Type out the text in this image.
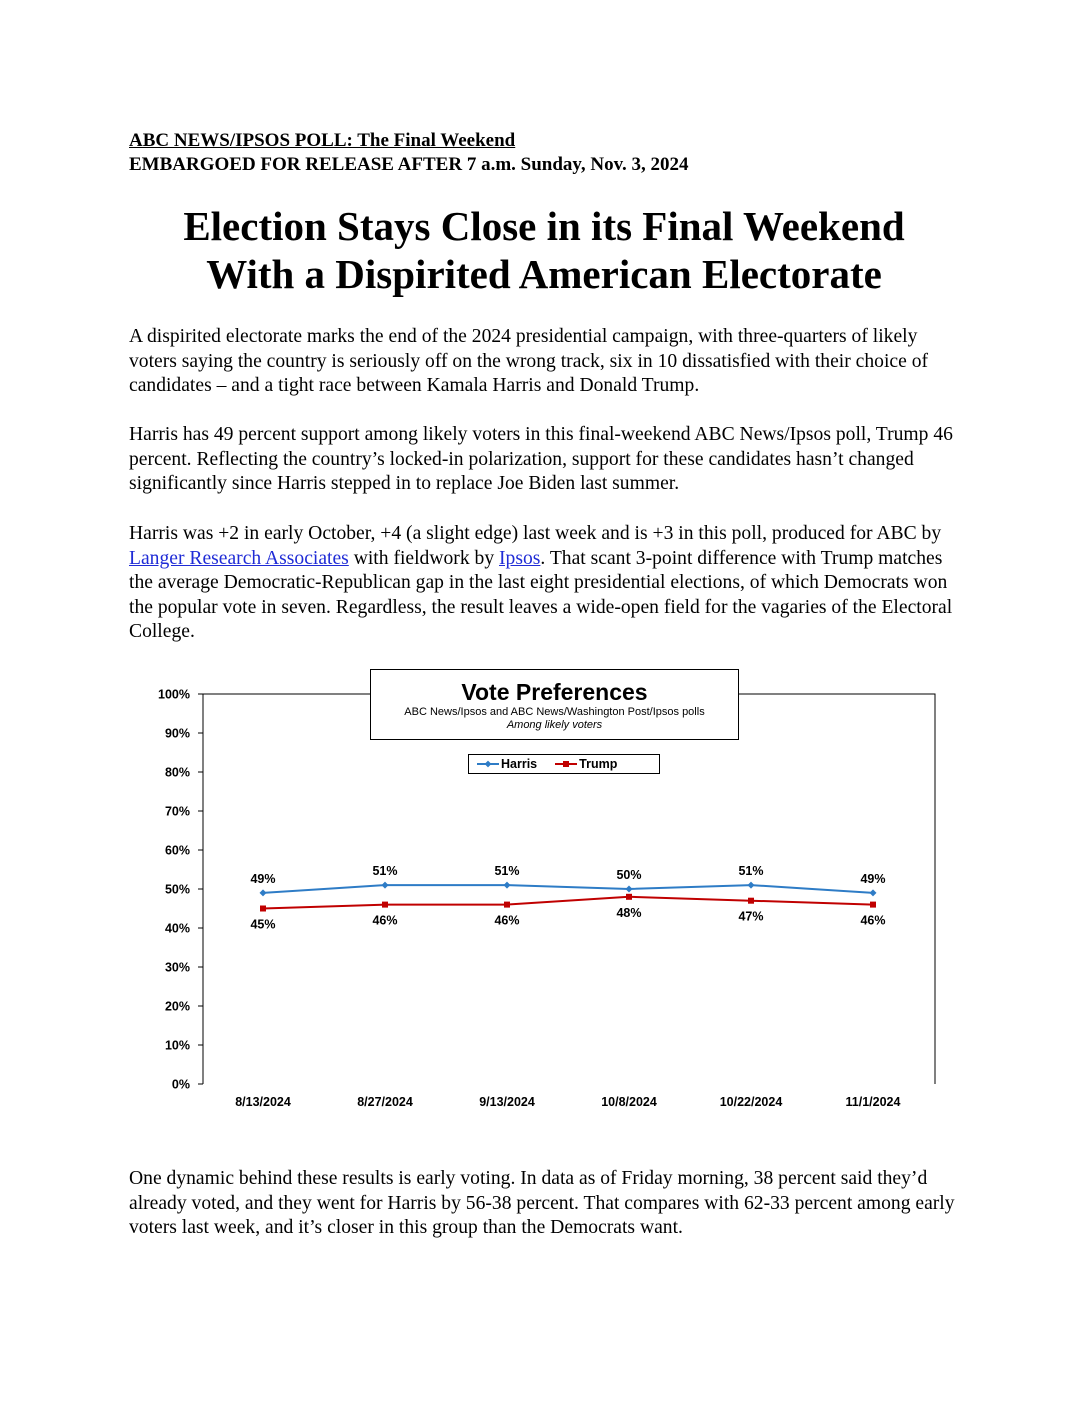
ABC NEWS/IPSOS POLL: The Final Weekend
EMBARGOED FOR RELEASE AFTER 7 a.m. Sunday, Nov. 3, 2024
Election Stays Close in its Final Weekend
With a Dispirited American Electorate

A dispirited electorate marks the end of the 2024 presidential campaign, with three-quarters of likely voters saying the country is seriously off on the wrong track, six in 10 dissatisfied with their choice of candidates – and a tight race between Kamala Harris and Donald Trump.

Harris has 49 percent support among likely voters in this final-weekend ABC News/Ipsos poll, Trump 46 percent. Reflecting the country’s locked-in polarization, support for these candidates hasn’t changed significantly since Harris stepped in to replace Joe Biden last summer.

Harris was +2 in early October, +4 (a slight edge) last week and is +3 in this poll, produced for ABC by Langer Research Associates with fieldwork by Ipsos. That scant 3-point difference with Trump matches the average Democratic-Republican gap in the last eight presidential elections, of which Democrats won the popular vote in seven. Regardless, the result leaves a wide-open field for the vagaries of the Electoral College.

0%
10%
20%
30%
40%
50%
60%
70%
80%
90%
100%
8/13/2024	8/27/2024	9/13/2024	10/8/2024	10/22/2024	11/1/2024
49%
51%	51%	50%	51%
49%
45%	46%	46%
48%	47%	46%
Vote Preferences
ABC News/Ipsos and ABC News/Washington Post/Ipsos polls
Among likely voters
Harris	Trump

One dynamic behind these results is early voting. In data as of Friday morning, 38 percent said they’d already voted, and they went for Harris by 56-38 percent. That compares with 62-33 percent among early voters last week, and it’s closer in this group than the Democrats want.
